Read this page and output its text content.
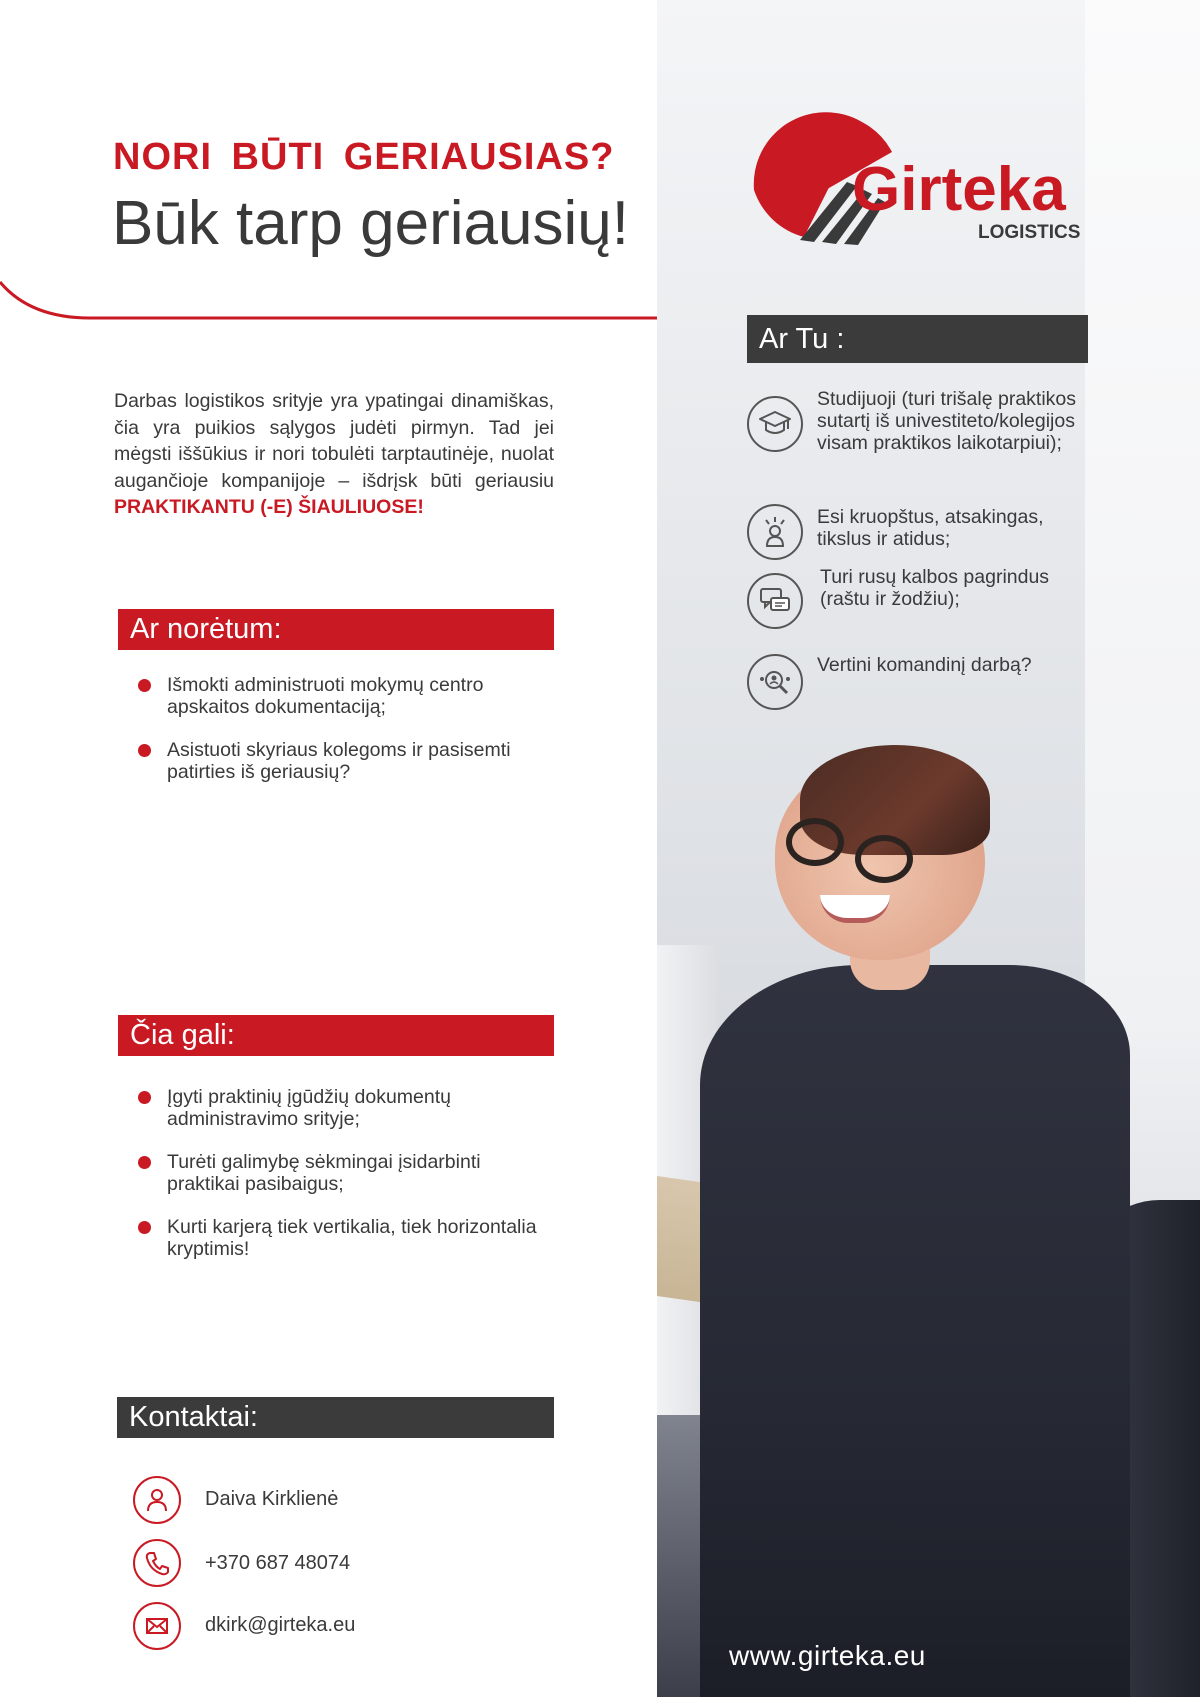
NORI BŪTI GERIAUSIAS?
Būk tarp geriausių!	Girteka
LOGISTICS

Darbas logistikos srityje yra ypatingai dinamiškas, čia yra puikios sąlygos judėti pirmyn. Tad jei mėgsti iššūkius ir nori tobulėti tarptautinėje, nuolat augančioje kompanijoje – išdrįsk būti geriausiu PRAKTIKANTU (-E) ŠIAULIUOSE!

Ar norėtum:
Išmokti administruoti mokymų centro apskaitos dokumentaciją;
Asistuoti skyriaus kolegoms ir pasisemti patirties iš geriausių?
Čia gali:
Įgyti praktinių įgūdžių dokumentų administravimo srityje;
Turėti galimybę sėkmingai įsidarbinti praktikai pasibaigus;
Kurti karjerą tiek vertikalia, tiek horizontalia kryptimis!
Kontaktai:
Daiva Kirklienė
+370 687 48074
dkirk@girteka.eu
Ar Tu :
Studijuoji (turi trišalę praktikos sutartį iš univestiteto/kolegijos visam praktikos laikotarpiui);
Esi kruopštus, atsakingas, tikslus ir atidus;
Turi rusų kalbos pagrindus (raštu ir žodžiu);
Vertini komandinį darbą?
www.girteka.eu
